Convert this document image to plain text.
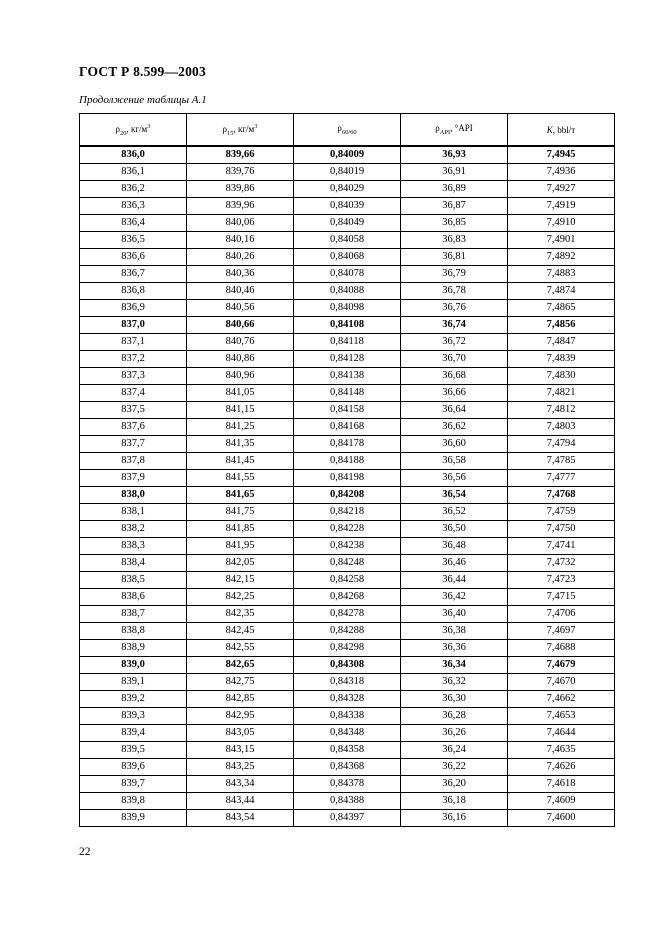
ГОСТ Р 8.599—2003
Продолжение таблицы А.1
$\rho_{20}$, $кг/м^3$	$\rho_{15}$, $кг/м^3$	$\rho_{60/60}$	$\rho_{API}$, °API	K, bbl/т
836,0	839,66	0,84009	36,93	7,4945
836,1	839,76	0,84019	36,91	7,4936
836,2	839,86	0,84029	36,89	7,4927
836,3	839,96	0,84039	36,87	7,4919
836,4	840,06	0,84049	36,85	7,4910
836,5	840,16	0,84058	36,83	7,4901
836,6	840,26	0,84068	36,81	7,4892
836,7	840,36	0,84078	36,79	7,4883
836,8	840,46	0,84088	36,78	7,4874
836,9	840,56	0,84098	36,76	7,4865
837,0	840,66	0,84108	36,74	7,4856
837,1	840,76	0,84118	36,72	7,4847
837,2	840,86	0,84128	36,70	7,4839
837,3	840,96	0,84138	36,68	7,4830
837,4	841,05	0,84148	36,66	7,4821
837,5	841,15	0,84158	36,64	7,4812
837,6	841,25	0,84168	36,62	7,4803
837,7	841,35	0,84178	36,60	7,4794
837,8	841,45	0,84188	36,58	7,4785
837,9	841,55	0,84198	36,56	7,4777
838,0	841,65	0,84208	36,54	7,4768
838,1	841,75	0,84218	36,52	7,4759
838,2	841,85	0,84228	36,50	7,4750
838,3	841,95	0,84238	36,48	7,4741
838,4	842,05	0,84248	36,46	7,4732
838,5	842,15	0,84258	36,44	7,4723
838,6	842,25	0,84268	36,42	7,4715
838,7	842,35	0,84278	36,40	7,4706
838,8	842,45	0,84288	36,38	7,4697
838,9	842,55	0,84298	36,36	7,4688
839,0	842,65	0,84308	36,34	7,4679
839,1	842,75	0,84318	36,32	7,4670
839,2	842,85	0,84328	36,30	7,4662
839,3	842,95	0,84338	36,28	7,4653
839,4	843,05	0,84348	36,26	7,4644
839,5	843,15	0,84358	36,24	7,4635
839,6	843,25	0,84368	36,22	7,4626
839,7	843,34	0,84378	36,20	7,4618
839,8	843,44	0,84388	36,18	7,4609
839,9	843,54	0,84397	36,16	7,4600
22
